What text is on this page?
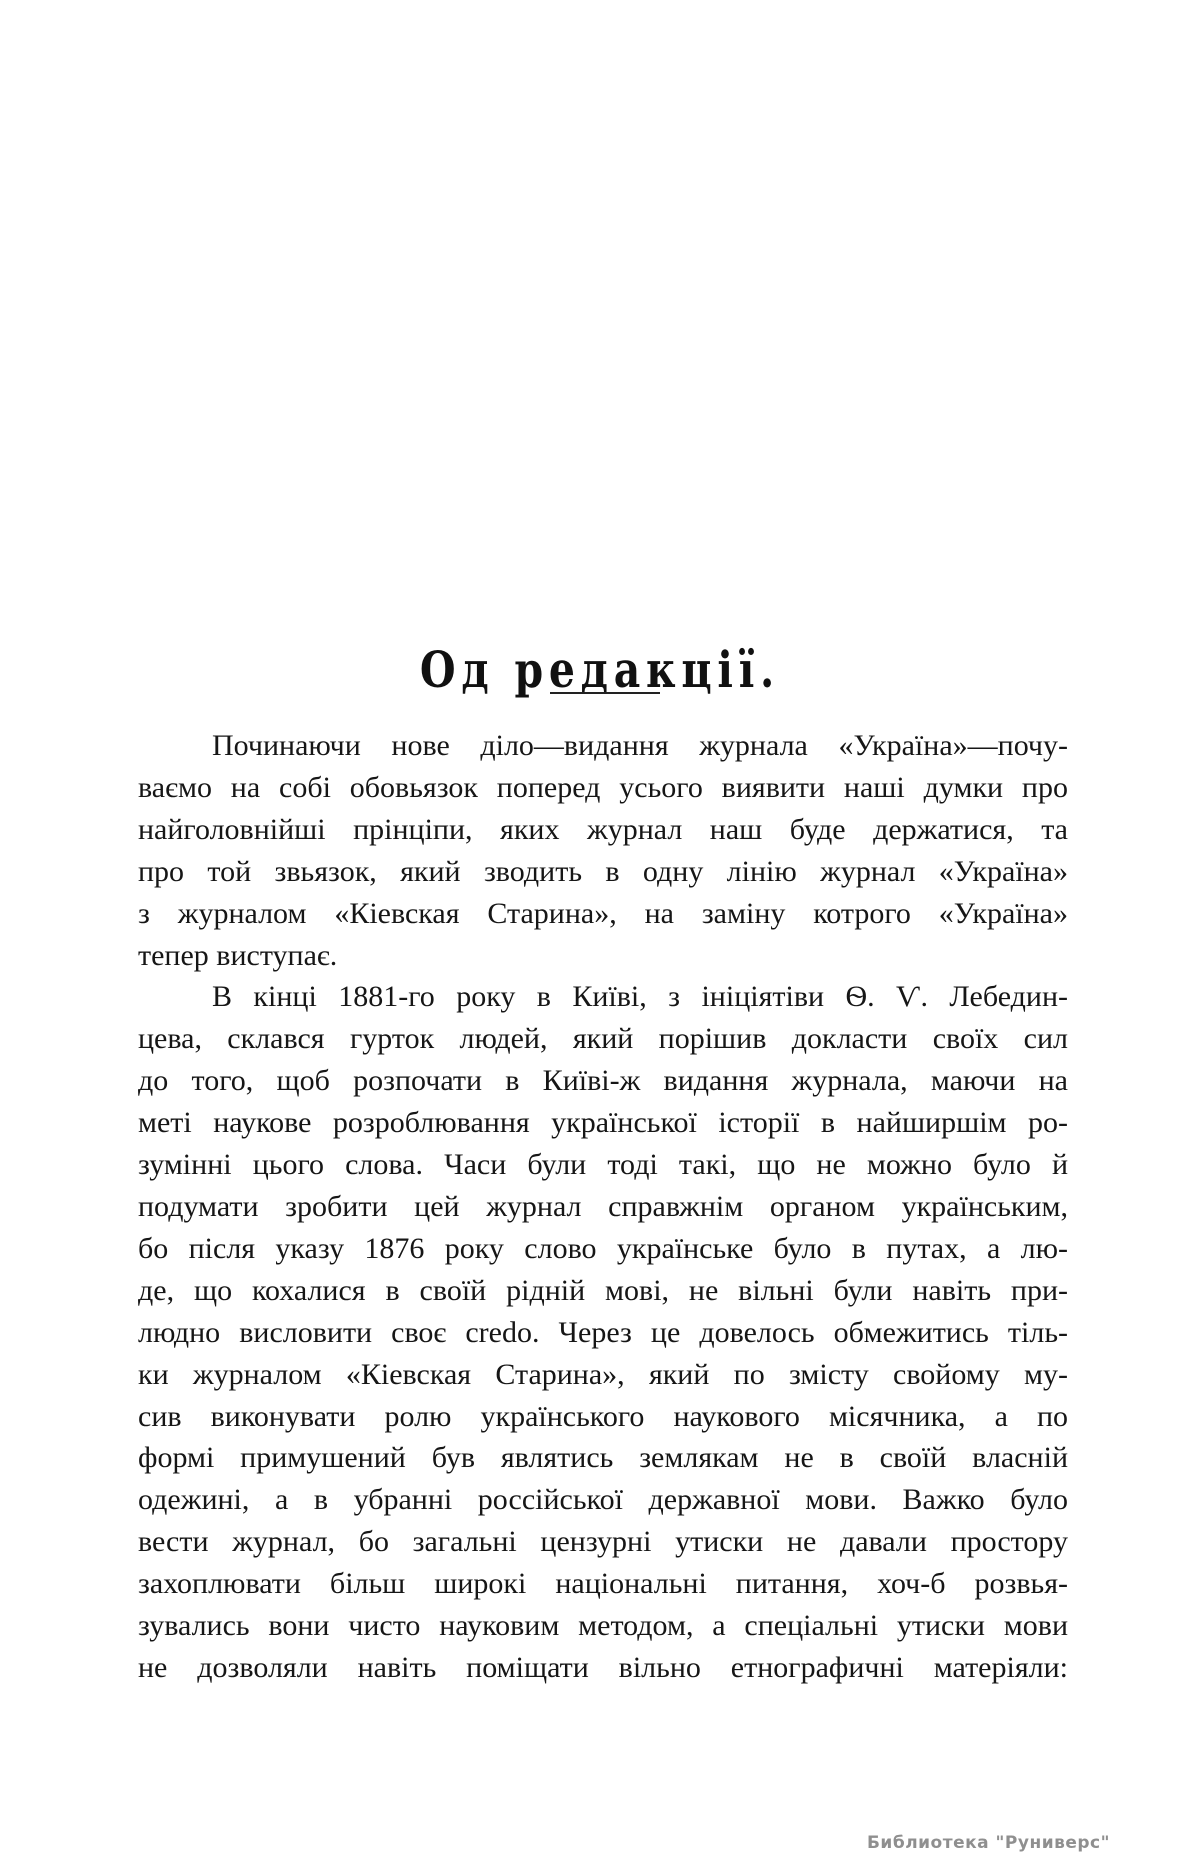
Од редакції.

Починаючи нове діло—видання журнала «Україна»—почу-
ваємо на собі обовьязок поперед усього виявити наші думки про
найголовнійші прінціпи, яких журнал наш буде держатися, та
про той звьязок, який зводить в одну лінію журнал «Україна»
з журналом «Кіевская Старина», на заміну котрого «Україна»
тепер виступає.

В кінці 1881-го року в Київі, з ініціятіви Ѳ. Ѵ. Лебедин-
цева, склався гурток людей, який порішив докласти своїх сил
до того, щоб розпочати в Київі-ж видання журнала, маючи на
меті наукове розроблювання української історії в найширшім ро-
зумінні цього слова. Часи були тоді такі, що не можно було й
подумати зробити цей журнал справжнім органом українським,
бо після указу 1876 року слово українське було в путах, а лю-
де, що кохалися в своїй рідній мові, не вільні були навіть при-
людно висловити своє credo. Через це довелось обмежитись тіль-
ки журналом «Кіевская Старина», який по змісту свойому му-
сив виконувати ролю українського наукового місячника, а по
формі примушений був являтись землякам не в своїй власній
одежині, а в убранні россійської державної мови. Важко було
вести журнал, бо загальні цензурні утиски не давали простору
захоплювати більш широкі національні питання, хоч-б розвья-
зувались вони чисто науковим методом, а спеціальні утиски мови
не дозволяли навіть поміщати вільно етнографичні матеріяли:

Библиотека "Руниверс"
